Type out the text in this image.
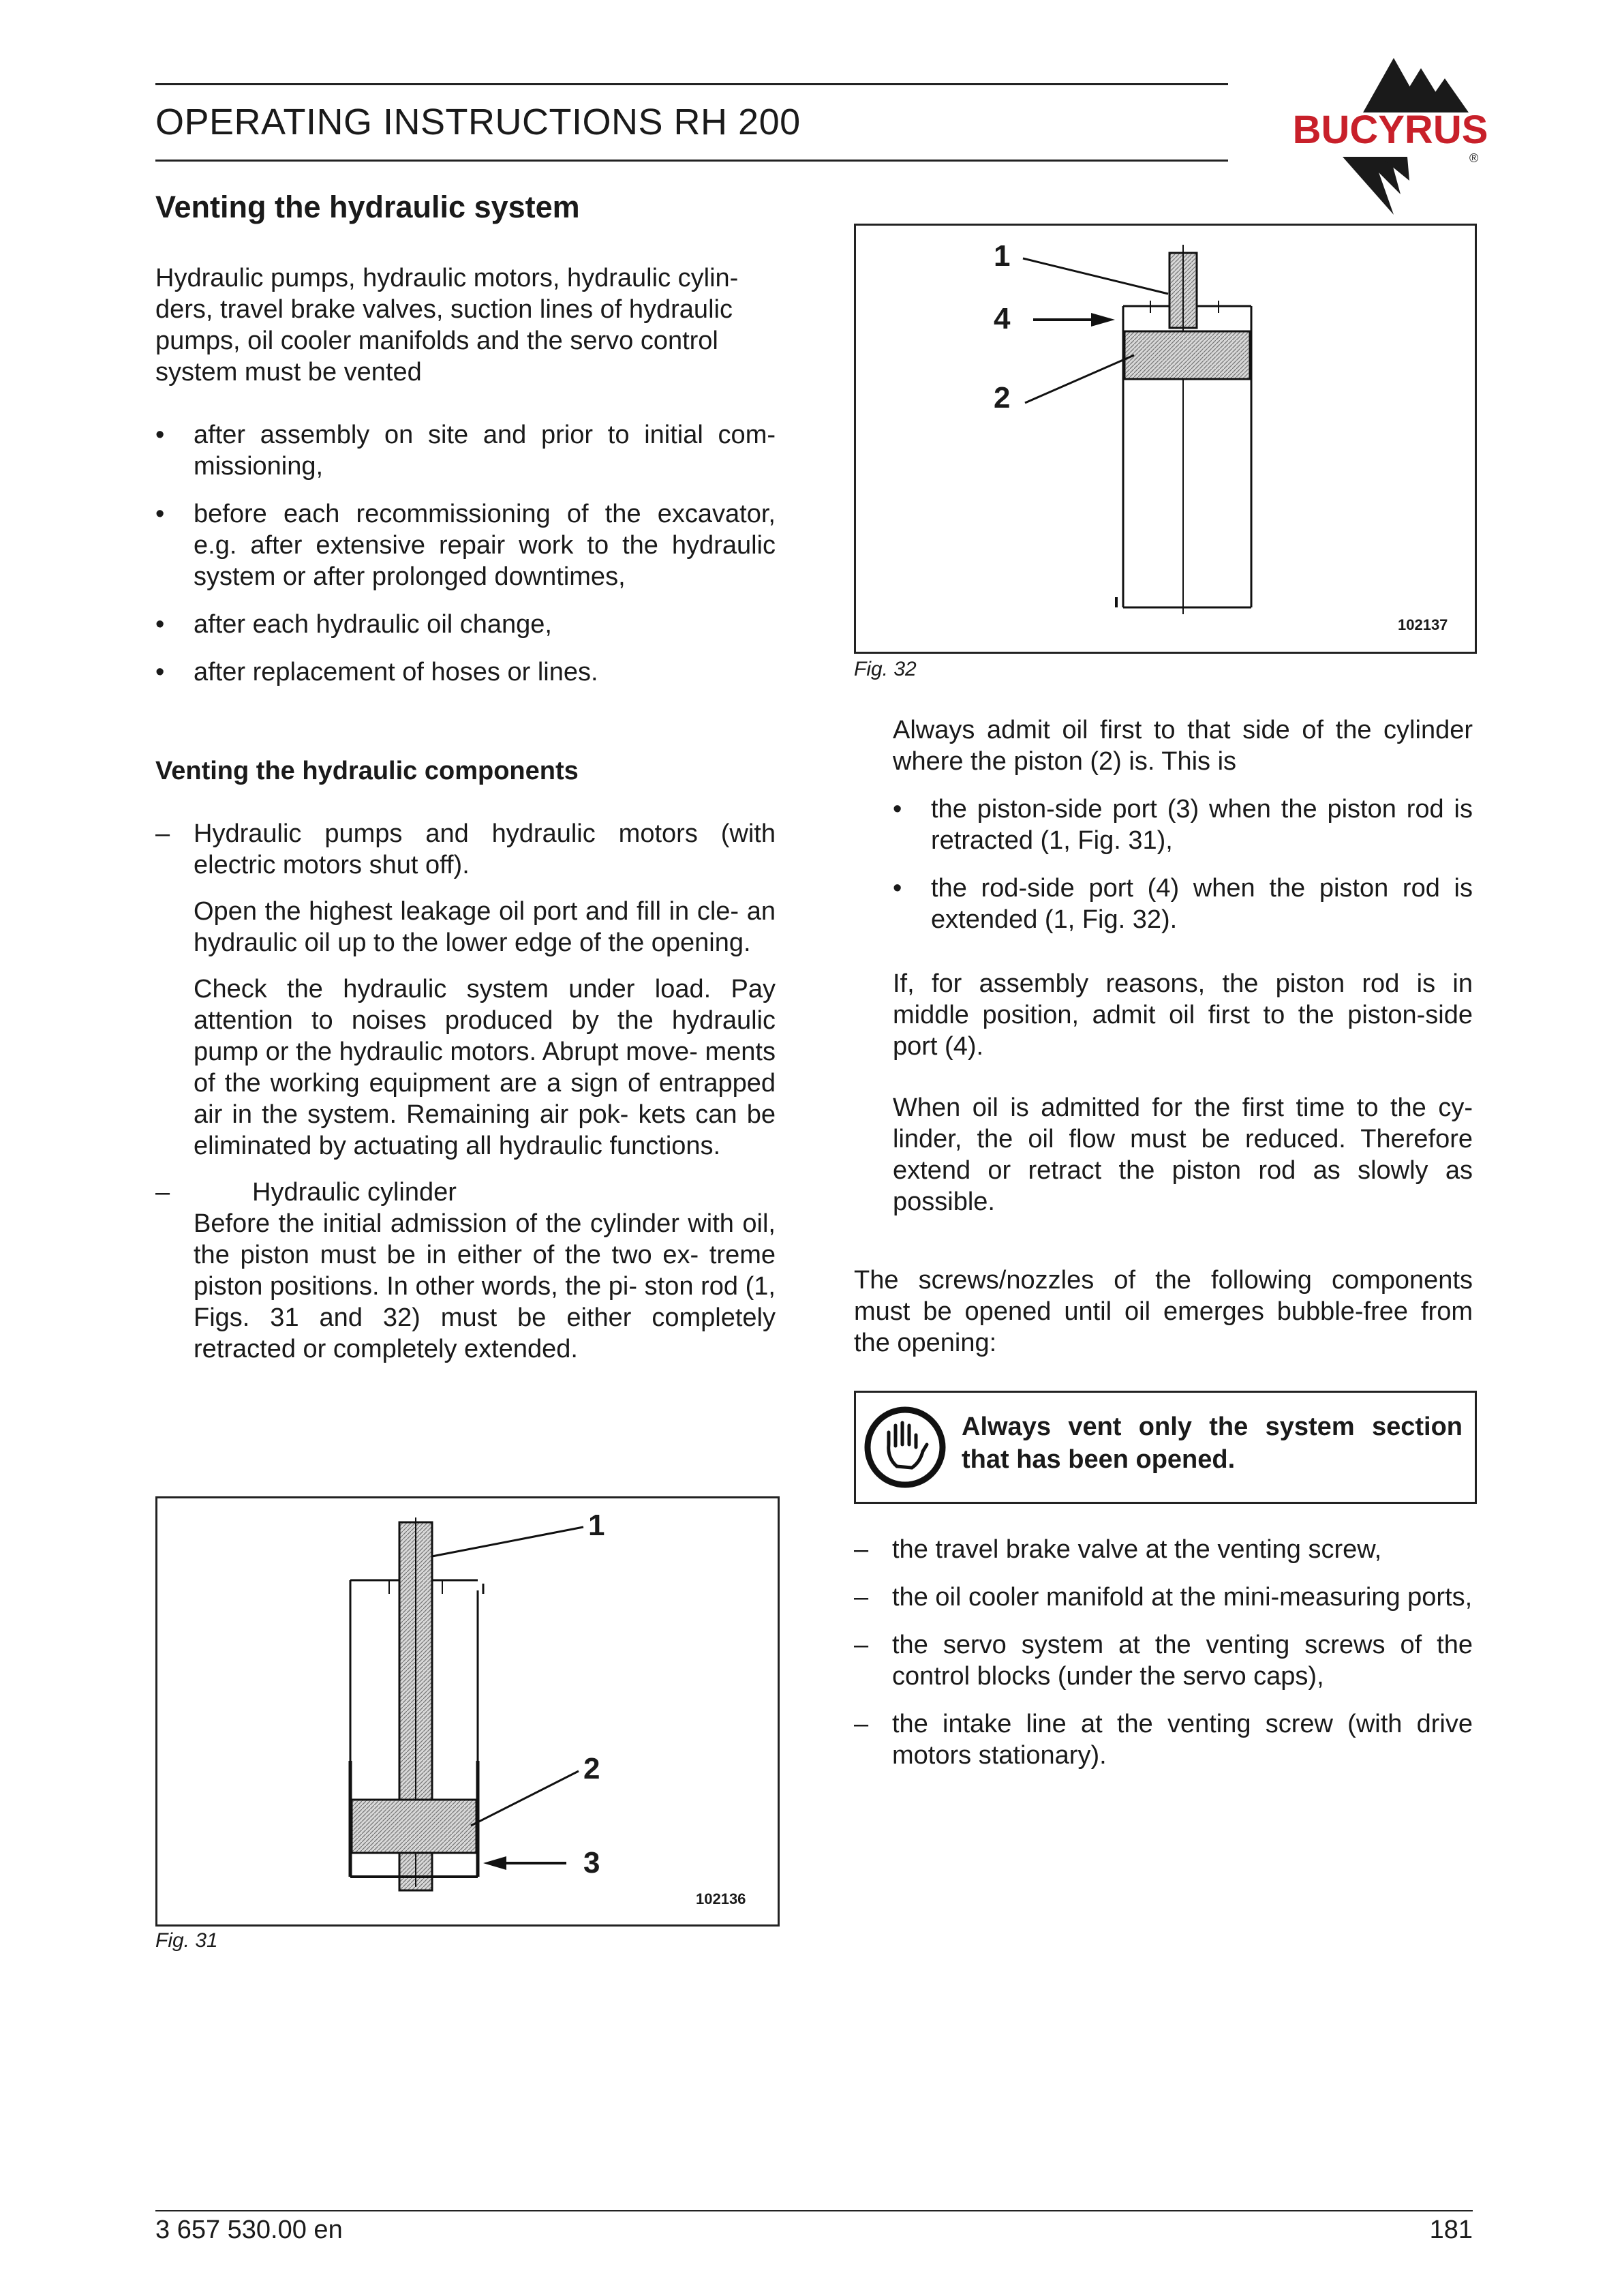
OPERATING INSTRUCTIONS RH 200	BUCYRUS
®
Venting the hydraulic system
Hydraulic pumps, hydraulic motors, hydraulic cylin-
ders, travel brake valves, suction lines of hydraulic
pumps, oil cooler manifolds and the servo control
system must be vented
•	after assembly on site and prior to initial com- missioning,
•	before each recommissioning of the excavator, e.g. after extensive repair work to the hydraulic system or after prolonged downtimes,
•	after each hydraulic oil change,
•	after replacement of hoses or lines.
Venting the hydraulic components
– Hydraulic pumps and hydraulic motors (with electric motors shut off).

Open the highest leakage oil port and fill in cle- an hydraulic oil up to the lower edge of the opening.

Check the hydraulic system under load. Pay attention to noises produced by the hydraulic pump or the hydraulic motors. Abrupt move- ments of the working equipment are a sign of entrapped air in the system. Remaining air pok- kets can be eliminated by actuating all hydraulic functions.

–	Hydraulic cylinder

Before the initial admission of the cylinder with oil, the piston must be in either of the two ex- treme piston positions. In other words, the pi- ston rod (1, Figs. 31 and 32) must be either completely retracted or completely extended.

1
2
3
102136
Fig. 31
1
4
2
102137
Fig. 32

Always admit oil first to that side of the cylinder where the piston (2) is. This is

•	the piston-side port (3) when the piston rod is retracted (1, Fig. 31),
•	the rod-side port (4) when the piston rod is extended (1, Fig. 32).

If, for assembly reasons, the piston rod is in middle position, admit oil first to the piston-side port (4).

When oil is admitted for the first time to the cy- linder, the oil flow must be reduced. Therefore extend or retract the piston rod as slowly as possible.

The screws/nozzles of the following components must be opened until oil emerges bubble-free from the opening:

Always vent only the system section that has been opened.
– the travel brake valve at the venting screw,
– the oil cooler manifold at the mini-measuring ports,
– the servo system at the venting screws of the control blocks (under the servo caps),
– the intake line at the venting screw (with drive motors stationary).
3 657 530.00 en	181
